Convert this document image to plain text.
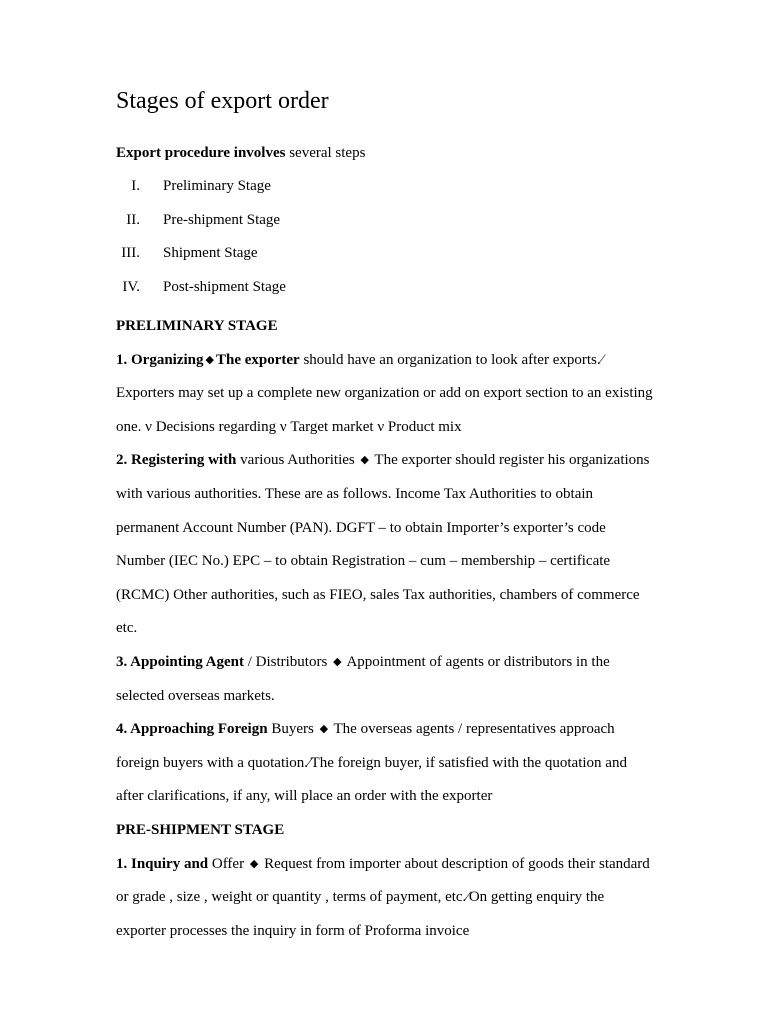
Stages of export order
Export procedure involves several steps
I. Preliminary Stage
II. Pre-shipment Stage
III. Shipment Stage
IV. Post-shipment Stage
PRELIMINARY STAGE

1. Organizing ◆ The exporter should have an organization to look after exports.⁄
Exporters may set up a complete new organization or add on export section to an existing
one. ν Decisions regarding ν Target market ν Product mix

2. Registering with various Authorities ◆ The exporter should register his organizations
with various authorities. These are as follows. Income Tax Authorities to obtain
permanent Account Number (PAN). DGFT – to obtain Importer’s exporter’s code
Number (IEC No.) EPC – to obtain Registration – cum – membership – certificate
(RCMC) Other authorities, such as FIEO, sales Tax authorities, chambers of commerce
etc.

3. Appointing Agent / Distributors ◆ Appointment of agents or distributors in the
selected overseas markets.

4. Approaching Foreign Buyers ◆ The overseas agents / representatives approach
foreign buyers with a quotation.⁄The foreign buyer, if satisfied with the quotation and
after clarifications, if any, will place an order with the exporter

PRE-SHIPMENT STAGE

1. Inquiry and Offer ◆ Request from importer about description of goods their standard
or grade , size , weight or quantity , terms of payment, etc.⁄On getting enquiry the
exporter processes the inquiry in form of Proforma invoice
